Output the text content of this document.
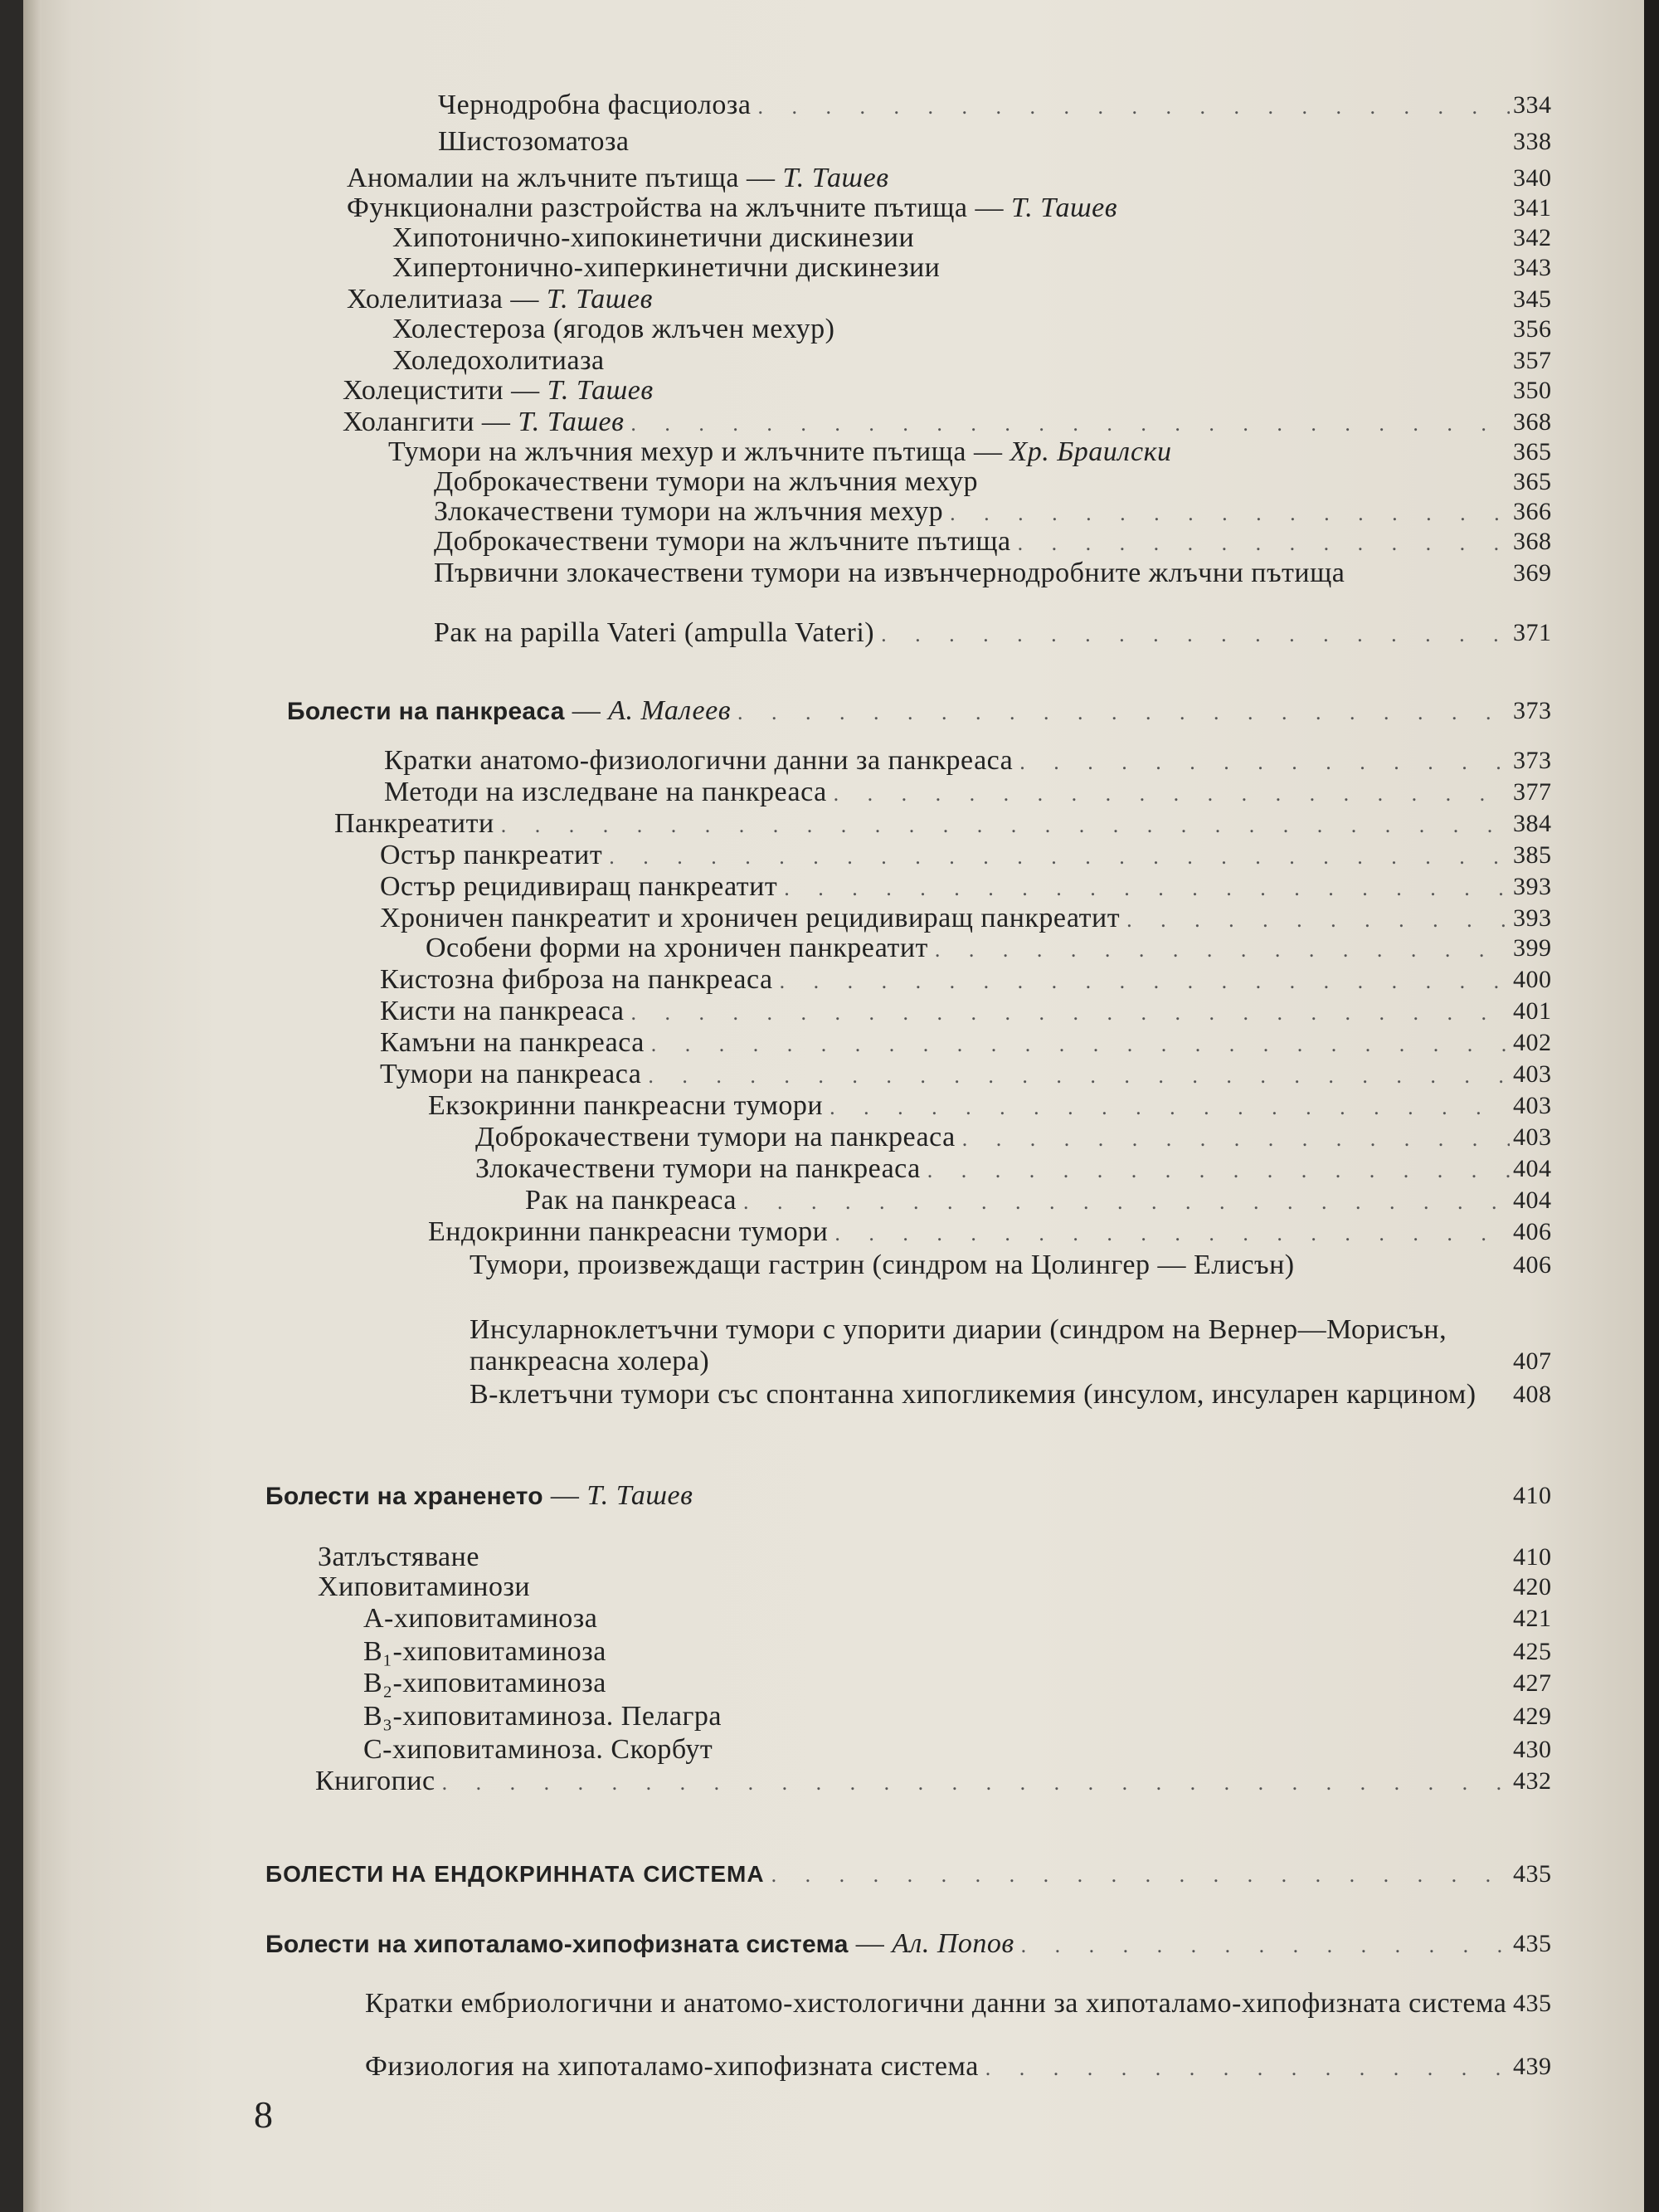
Чернодробна фасциолоза . . .	334
Шистозоматоза	338
Аномалии на жлъчните пътища — Т. Ташев	340
Функционални разстройства на жлъчните пътища — Т. Ташев	341
Хипотонично-хипокинетични дискинезии	342
Хипертонично-хиперкинетични дискинезии	343
Холелитиаза — Т. Ташев	345
Холестероза (ягодов жлъчен мехур)	356
Холедохолитиаза	357
Холецистити — Т. Ташев	350
Холангити — Т. Ташев . . .	368
Тумори на жлъчния мехур и жлъчните пътища — Хр. Браилски	365
Доброкачествени тумори на жлъчния мехур	365
Злокачествени тумори на жлъчния мехур . . .	366
Доброкачествени тумори на жлъчните пътища . . .	368
Първични злокачествени тумори на извънчернодробните жлъчни пътища	369
Рак на papilla Vateri (ampulla Vateri) . . .	371
Болести на панкреаса — А. Малеев . . .	373
Кратки анатомо-физиологични данни за панкреаса . . .	373
Методи на изследване на панкреаса . . .	377
Панкреатити . . .	384
Остър панкреатит . . .	385
Остър рецидивиращ панкреатит . . .	393
Хроничен панкреатит и хроничен рецидивиращ панкреатит . . .	393
Особени форми на хроничен панкреатит . . .	399
Кистозна фиброза на панкреаса . . .	400
Кисти на панкреаса . . .	401
Камъни на панкреаса . . .	402
Тумори на панкреаса . . .	403
Екзокринни панкреасни тумори . . .	403
Доброкачествени тумори на панкреаса . . .	403
Злокачествени тумори на панкреаса . . .	404
Рак на панкреаса . . .	404
Ендокринни панкреасни тумори . . .	406
Тумори, произвеждащи гастрин (синдром на Цолингер — Елисън)	406
Инсуларноклетъчни тумори с упорити диарии (синдром на Вернер—Морисън, панкреасна холера)	407
В-клетъчни тумори със спонтанна хипогликемия (инсулом, инсуларен карцином)	408
Болести на храненето — Т. Ташев	410
Затлъстяване	410
Хиповитаминози	420
А-хиповитаминоза	421
B₁-хиповитаминоза	425
B₂-хиповитаминоза	427
B₃-хиповитаминоза. Пелагра	429
С-хиповитаминоза. Скорбут	430
Книгопис . . .	432
БОЛЕСТИ НА ЕНДОКРИННАТА СИСТЕМА . . .	435
Болести на хипоталамо-хипофизната система — Ал. Попов . . .	435
Кратки ембриологични и анатомо-хистологични данни за хипоталамо-хипофизната система 435
Физиология на хипоталамо-хипофизната система . . .	439
8
